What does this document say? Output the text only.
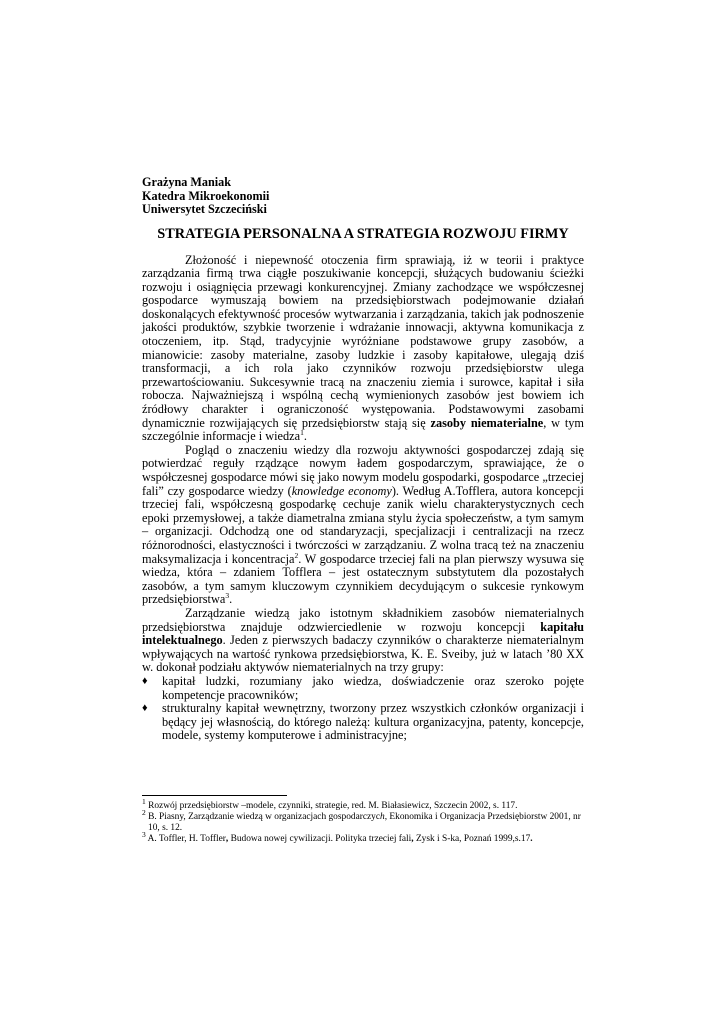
Grażyna Maniak
Katedra Mikroekonomii
Uniwersytet Szczeciński
STRATEGIA PERSONALNA A STRATEGIA ROZWOJU FIRMY

Złożoność i niepewność otoczenia firm sprawiają, iż w teorii i praktyce zarządzania firmą trwa ciągłe poszukiwanie koncepcji, służących budowaniu ścieżki rozwoju i osiągnięcia przewagi konkurencyjnej. Zmiany zachodzące we współczesnej gospodarce wymuszają bowiem na przedsiębiorstwach podejmowanie działań doskonalących efektywność procesów wytwarzania i zarządzania, takich jak podnoszenie jakości produktów, szybkie tworzenie i wdrażanie innowacji, aktywna komunikacja z otoczeniem, itp. Stąd, tradycyjnie wyróżniane podstawowe grupy zasobów, a mianowicie: zasoby materialne, zasoby ludzkie i zasoby kapitałowe, ulegają dziś transformacji, a ich rola jako czynników rozwoju przedsiębiorstw ulega przewartościowaniu. Sukcesywnie tracą na znaczeniu ziemia i surowce, kapitał i siła robocza. Najważniejszą i wspólną cechą wymienionych zasobów jest bowiem ich źródłowy charakter i ograniczoność występowania. Podstawowymi zasobami dynamicznie rozwijających się przedsiębiorstw stają się zasoby niematerialne, w tym szczególnie informacje i wiedza$^1$.

Pogląd o znaczeniu wiedzy dla rozwoju aktywności gospodarczej zdają się potwierdzać reguły rządzące nowym ładem gospodarczym, sprawiające, że o współczesnej gospodarce mówi się jako nowym modelu gospodarki, gospodarce „trzeciej fali” czy gospodarce wiedzy (knowledge economy). Według A.Tofflera, autora koncepcji trzeciej fali, współczesną gospodarkę cechuje zanik wielu charakterystycznych cech epoki przemysłowej, a także diametralna zmiana stylu życia społeczeństw, a tym samym – organizacji. Odchodzą one od standaryzacji, specjalizacji i centralizacji na rzecz różnorodności, elastyczności i twórczości w zarządzaniu. Z wolna tracą też na znaczeniu maksymalizacja i koncentracja$^2$. W gospodarce trzeciej fali na plan pierwszy wysuwa się wiedza, która – zdaniem Tofflera – jest ostatecznym substytutem dla pozostałych zasobów, a tym samym kluczowym czynnikiem decydującym o sukcesie rynkowym przedsiębiorstwa$^3$.

Zarządzanie wiedzą jako istotnym składnikiem zasobów niematerialnych przedsiębiorstwa znajduje odzwierciedlenie w rozwoju koncepcji kapitału intelektualnego. Jeden z pierwszych badaczy czynników o charakterze niematerialnym wpływających na wartość rynkowa przedsiębiorstwa, K. E. Sveiby, już w latach ’80 XX w. dokonał podziału aktywów niematerialnych na trzy grupy:

♦ kapitał ludzki, rozumiany jako wiedza, doświadczenie oraz szeroko pojęte kompetencje pracowników;
♦ strukturalny kapitał wewnętrzny, tworzony przez wszystkich członków organizacji i będący jej własnością, do którego należą: kultura organizacyjna, patenty, koncepcje, modele, systemy komputerowe i administracyjne;

$^1$ Rozwój przedsiębiorstw –modele, czynniki, strategie, red. M. Białasiewicz, Szczecin 2002, s. 117.

$^2$ B. Piasny, Zarządzanie wiedzą w organizacjach gospodarczych, Ekonomika i Organizacja Przedsiębiorstw 2001, nr 10, s. 12.

$^3$ A. Toffler, H. Toffler, Budowa nowej cywilizacji. Polityka trzeciej fali, Zysk i S-ka, Poznań 1999,s.17.
